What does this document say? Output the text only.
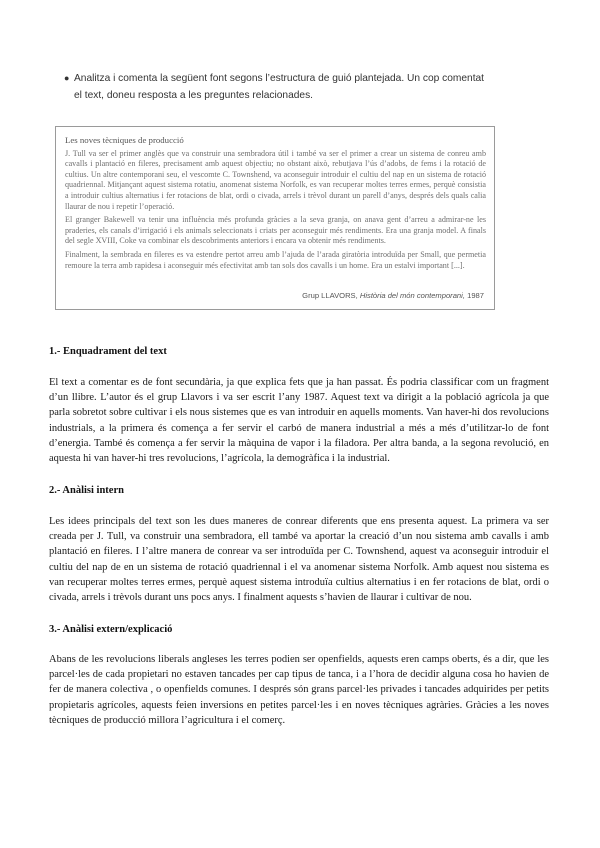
● Analitza i comenta la següent font segons l’estructura de guió plantejada. Un cop comentat el text, doneu resposta a les preguntes relacionades.
Les noves tècniques de producció

J. Tull va ser el primer anglès que va construir una sembradora útil i també va ser el primer a crear un sistema de conreu amb cavalls i plantació en fileres, precisament amb aquest objectiu; no obstant això, rebutjava l’ús d’adobs, de fems i la rotació de cultius. Un altre contemporani seu, el vescomte C. Townshend, va aconseguir introduir el cultiu del nap en un sistema de rotació quadriennal. Mitjançant aquest sistema rotatiu, anomenat sistema Norfolk, es van recuperar moltes terres ermes, perquè consistia a introduir cultius alternatius i fer rotacions de blat, ordi o civada, arrels i trèvol durant un parell d’anys, després dels quals calia llaurar de nou i repetir l’operació.

El granger Bakewell va tenir una influència més profunda gràcies a la seva granja, on anava gent d’arreu a admirar-ne les praderies, els canals d’irrigació i els animals seleccionats i criats per aconseguir més rendiments. Era una granja model. A finals del segle XVIII, Coke va combinar els descobriments anteriors i encara va obtenir més rendiments.

Finalment, la sembrada en fileres es va estendre pertot arreu amb l’ajuda de l’arada giratòria introduïda per Small, que permetia remoure la terra amb rapidesa i aconseguir més efectivitat amb tan sols dos cavalls i un home. Era un estalvi important [...].

Grup LLAVORS, Història del món contemporani, 1987
1.- Enquadrament del text

El text a comentar es de font secundària, ja que explica fets que ja han passat. És podria classificar com un fragment d’un llibre. L’autor és el grup Llavors i va ser escrit l’any 1987. Aquest text va dirigit a la població agrícola ja que parla sobretot sobre cultivar i els nous sistemes que es van introduir en aquells moments. Van haver-hi dos revolucions industrials, a la primera és comença a fer servir el carbó de manera industrial a més a més d’utilitzar-lo de font d’energia. També és comença a fer servir la màquina de vapor i la filadora. Per altra banda, a la segona revolució, en aquesta hi van haver-hi tres revolucions, l’agrícola, la demogràfica i la industrial.

2.- Anàlisi intern

Les idees principals del text son les dues maneres de conrear diferents que ens presenta aquest. La primera va ser creada per J. Tull, va construir una sembradora, ell també va aportar la creació d’un nou sistema amb cavalls i amb plantació en fileres. I l’altre manera de conrear va ser introduïda per C. Townshend, aquest va aconseguir introduir el cultiu del nap de en un sistema de rotació quadriennal i el va anomenar sistema Norfolk. Amb aquest nou sistema es van recuperar moltes terres ermes, perquè aquest sistema introduïa cultius alternatius i en fer rotacions de blat, ordi o civada, arrels i trèvols durant uns pocs anys. I finalment aquests s’havien de llaurar i cultivar de nou.

3.- Anàlisi extern/explicació

Abans de les revolucions liberals angleses les terres podien ser openfields, aquests eren camps oberts, és a dir, que les parcel·les de cada propietari no estaven tancades per cap tipus de tanca, i a l’hora de decidir alguna cosa ho havien de fer de manera colectiva , o openfields comunes. I després són grans parcel·les privades i tancades adquirides per petits propietaris agrícoles, aquests feien inversions en petites parcel·les i en noves tècniques agràries. Gràcies a les noves tècniques de producció millora l’agricultura i el comerç.
